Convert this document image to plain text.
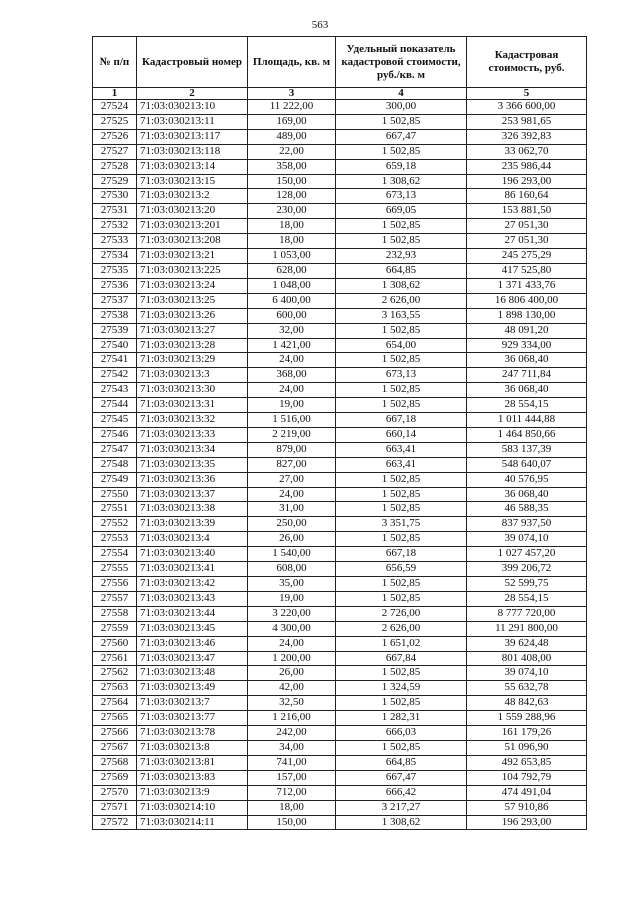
563
№ п/п	Кадастровый номер	Площадь, кв. м	Удельный показатель кадастровой стоимости, руб./кв. м	Кадастровая стоимость, руб.
1	2	3	4	5
27524	71:03:030213:10	11 222,00	300,00	3 366 600,00
27525	71:03:030213:11	169,00	1 502,85	253 981,65
27526	71:03:030213:117	489,00	667,47	326 392,83
27527	71:03:030213:118	22,00	1 502,85	33 062,70
27528	71:03:030213:14	358,00	659,18	235 986,44
27529	71:03:030213:15	150,00	1 308,62	196 293,00
27530	71:03:030213:2	128,00	673,13	86 160,64
27531	71:03:030213:20	230,00	669,05	153 881,50
27532	71:03:030213:201	18,00	1 502,85	27 051,30
27533	71:03:030213:208	18,00	1 502,85	27 051,30
27534	71:03:030213:21	1 053,00	232,93	245 275,29
27535	71:03:030213:225	628,00	664,85	417 525,80
27536	71:03:030213:24	1 048,00	1 308,62	1 371 433,76
27537	71:03:030213:25	6 400,00	2 626,00	16 806 400,00
27538	71:03:030213:26	600,00	3 163,55	1 898 130,00
27539	71:03:030213:27	32,00	1 502,85	48 091,20
27540	71:03:030213:28	1 421,00	654,00	929 334,00
27541	71:03:030213:29	24,00	1 502,85	36 068,40
27542	71:03:030213:3	368,00	673,13	247 711,84
27543	71:03:030213:30	24,00	1 502,85	36 068,40
27544	71:03:030213:31	19,00	1 502,85	28 554,15
27545	71:03:030213:32	1 516,00	667,18	1 011 444,88
27546	71:03:030213:33	2 219,00	660,14	1 464 850,66
27547	71:03:030213:34	879,00	663,41	583 137,39
27548	71:03:030213:35	827,00	663,41	548 640,07
27549	71:03:030213:36	27,00	1 502,85	40 576,95
27550	71:03:030213:37	24,00	1 502,85	36 068,40
27551	71:03:030213:38	31,00	1 502,85	46 588,35
27552	71:03:030213:39	250,00	3 351,75	837 937,50
27553	71:03:030213:4	26,00	1 502,85	39 074,10
27554	71:03:030213:40	1 540,00	667,18	1 027 457,20
27555	71:03:030213:41	608,00	656,59	399 206,72
27556	71:03:030213:42	35,00	1 502,85	52 599,75
27557	71:03:030213:43	19,00	1 502,85	28 554,15
27558	71:03:030213:44	3 220,00	2 726,00	8 777 720,00
27559	71:03:030213:45	4 300,00	2 626,00	11 291 800,00
27560	71:03:030213:46	24,00	1 651,02	39 624,48
27561	71:03:030213:47	1 200,00	667,84	801 408,00
27562	71:03:030213:48	26,00	1 502,85	39 074,10
27563	71:03:030213:49	42,00	1 324,59	55 632,78
27564	71:03:030213:7	32,50	1 502,85	48 842,63
27565	71:03:030213:77	1 216,00	1 282,31	1 559 288,96
27566	71:03:030213:78	242,00	666,03	161 179,26
27567	71:03:030213:8	34,00	1 502,85	51 096,90
27568	71:03:030213:81	741,00	664,85	492 653,85
27569	71:03:030213:83	157,00	667,47	104 792,79
27570	71:03:030213:9	712,00	666,42	474 491,04
27571	71:03:030214:10	18,00	3 217,27	57 910,86
27572	71:03:030214:11	150,00	1 308,62	196 293,00
